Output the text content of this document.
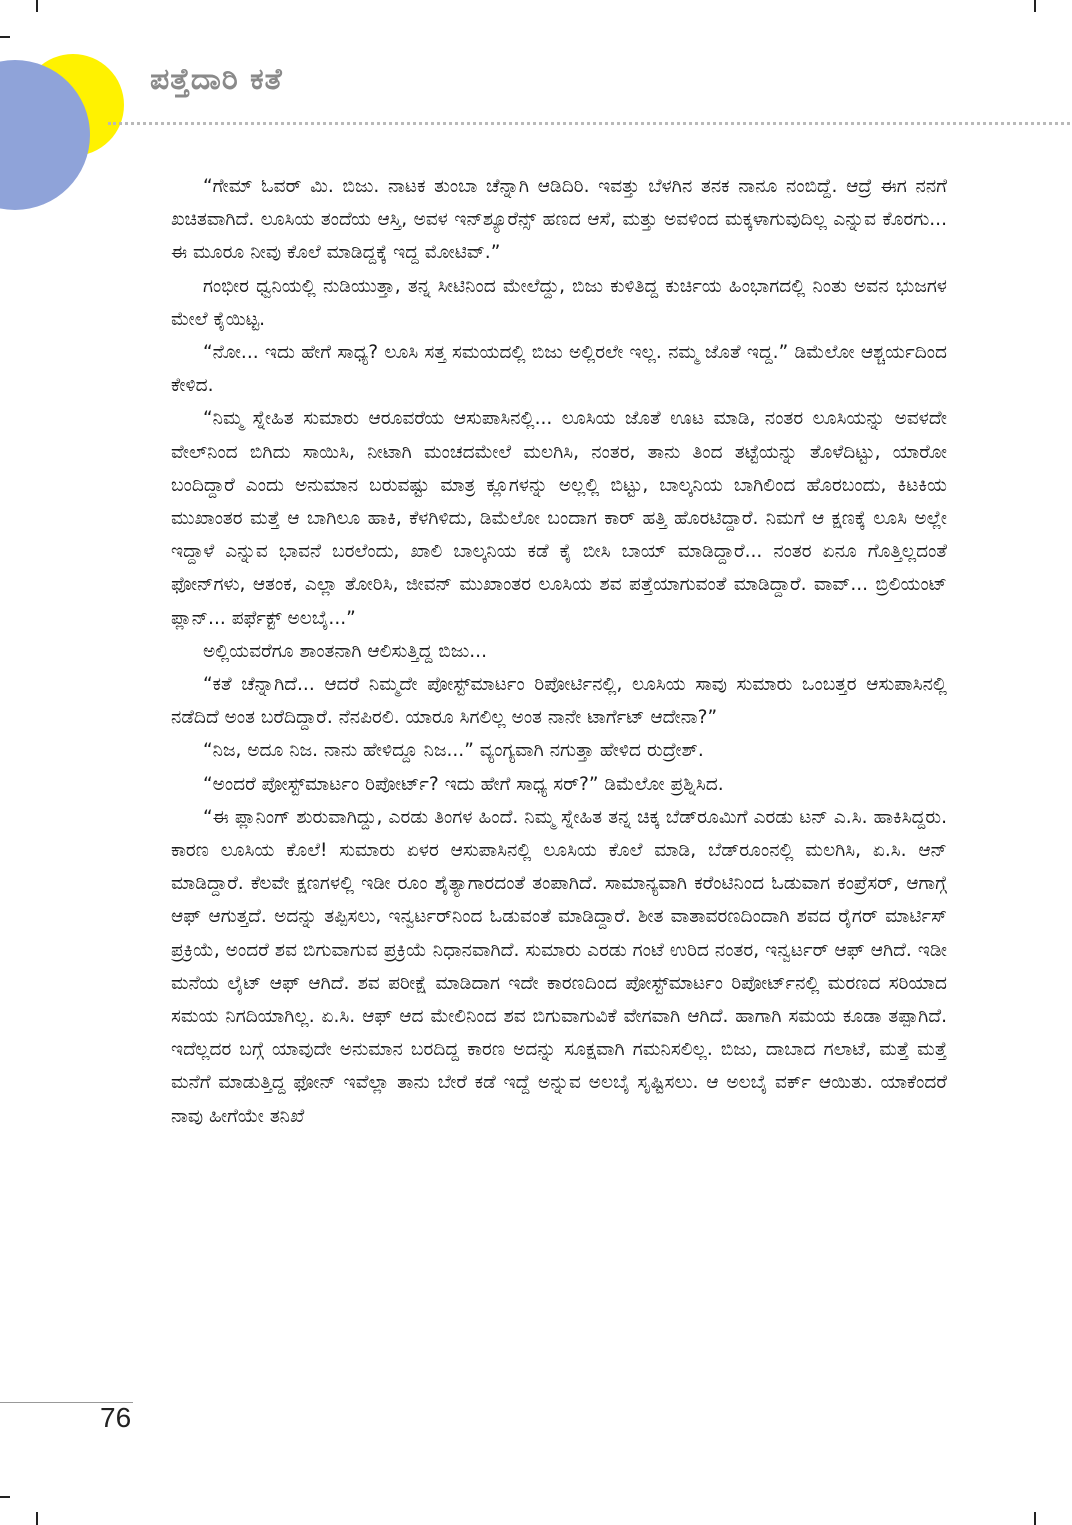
ಪತ್ತೆದಾರಿ ಕತೆ

“ಗೇಮ್ ಓವರ್ ಮಿ. ಬಿಜು. ನಾಟಕ ತುಂಬಾ ಚೆನ್ನಾಗಿ ಆಡಿದಿರಿ. ಇವತ್ತು ಬೆಳಗಿನ ತನಕ ನಾನೂ ನಂಬಿದ್ದೆ. ಆದ್ರೆ ಈಗ ನನಗೆ ಖಚಿತವಾಗಿದೆ. ಲೂಸಿಯ ತಂದೆಯ ಆಸ್ತಿ, ಅವಳ ಇನ್‌ಶ್ಯೂರೆನ್ಸ್ ಹಣದ ಆಸೆ, ಮತ್ತು ಅವಳಿಂದ ಮಕ್ಕಳಾಗುವುದಿಲ್ಲ ಎನ್ನುವ ಕೊರಗು... ಈ ಮೂರೂ ನೀವು ಕೊಲೆ ಮಾಡಿದ್ದಕ್ಕೆ ಇದ್ದ ಮೋಟಿವ್.”

ಗಂಭೀರ ಧ್ವನಿಯಲ್ಲಿ ನುಡಿಯುತ್ತಾ, ತನ್ನ ಸೀಟಿನಿಂದ ಮೇಲೆದ್ದು, ಬಿಜು ಕುಳಿತಿದ್ದ ಕುರ್ಚಿಯ ಹಿಂಭಾಗದಲ್ಲಿ ನಿಂತು ಅವನ ಭುಜಗಳ ಮೇಲೆ ಕೈಯಿಟ್ಟ.

“ನೋ... ಇದು ಹೇಗೆ ಸಾಧ್ಯ? ಲೂಸಿ ಸತ್ತ ಸಮಯದಲ್ಲಿ ಬಿಜು ಅಲ್ಲಿರಲೇ ಇಲ್ಲ. ನಮ್ಮ ಜೊತೆ ಇದ್ದ.” ಡಿಮೆಲೋ ಆಶ್ಚರ್ಯದಿಂದ ಕೇಳಿದ.

“ನಿಮ್ಮ ಸ್ನೇಹಿತ ಸುಮಾರು ಆರೂವರೆಯ ಆಸುಪಾಸಿನಲ್ಲಿ... ಲೂಸಿಯ ಜೊತೆ ಊಟ ಮಾಡಿ, ನಂತರ ಲೂಸಿಯನ್ನು ಅವಳದೇ ವೇಲ್‌ನಿಂದ ಬಿಗಿದು ಸಾಯಿಸಿ, ನೀಟಾಗಿ ಮಂಚದಮೇಲೆ ಮಲಗಿಸಿ, ನಂತರ, ತಾನು ತಿಂದ ತಟ್ಟೆಯನ್ನು ತೊಳೆದಿಟ್ಟು, ಯಾರೋ ಬಂದಿದ್ದಾರೆ ಎಂದು ಅನುಮಾನ ಬರುವಷ್ಟು ಮಾತ್ರ ಕ್ಲೂಗಳನ್ನು ಅಲ್ಲಲ್ಲಿ ಬಿಟ್ಟು, ಬಾಲ್ಕನಿಯ ಬಾಗಿಲಿಂದ ಹೊರಬಂದು, ಕಿಟಕಿಯ ಮುಖಾಂತರ ಮತ್ತೆ ಆ ಬಾಗಿಲೂ ಹಾಕಿ, ಕೆಳಗಿಳಿದು, ಡಿಮೆಲೋ ಬಂದಾಗ ಕಾರ್ ಹತ್ತಿ ಹೊರಟಿದ್ದಾರೆ. ನಿಮಗೆ ಆ ಕ್ಷಣಕ್ಕೆ ಲೂಸಿ ಅಲ್ಲೇ ಇದ್ದಾಳೆ ಎನ್ನುವ ಭಾವನೆ ಬರಲೆಂದು, ಖಾಲಿ ಬಾಲ್ಕನಿಯ ಕಡೆ ಕೈ ಬೀಸಿ ಬಾಯ್ ಮಾಡಿದ್ದಾರೆ... ನಂತರ ಏನೂ ಗೊತ್ತಿಲ್ಲದಂತೆ ಫೋನ್‌ಗಳು, ಆತಂಕ, ಎಲ್ಲಾ ತೋರಿಸಿ, ಜೀವನ್ ಮುಖಾಂತರ ಲೂಸಿಯ ಶವ ಪತ್ತೆಯಾಗುವಂತೆ ಮಾಡಿದ್ದಾರೆ. ವಾವ್... ಬ್ರಿಲಿಯಂಟ್ ಪ್ಲಾನ್... ಪರ್ಫೆಕ್ಟ್ ಅಲಬೈ...”

ಅಲ್ಲಿಯವರೆಗೂ ಶಾಂತನಾಗಿ ಆಲಿಸುತ್ತಿದ್ದ ಬಿಜು...

“ಕತೆ ಚೆನ್ನಾಗಿದೆ... ಆದರೆ ನಿಮ್ಮದೇ ಪೋಸ್ಟ್‌ಮಾರ್ಟಂ ರಿಪೋರ್ಟಿನಲ್ಲಿ, ಲೂಸಿಯ ಸಾವು ಸುಮಾರು ಒಂಬತ್ತರ ಆಸುಪಾಸಿನಲ್ಲಿ ನಡೆದಿದೆ ಅಂತ ಬರೆದಿದ್ದಾರೆ. ನೆನಪಿರಲಿ. ಯಾರೂ ಸಿಗಲಿಲ್ಲ ಅಂತ ನಾನೇ ಟಾರ್ಗೆಟ್ ಆದೇನಾ?”

“ನಿಜ, ಅದೂ ನಿಜ. ನಾನು ಹೇಳಿದ್ದೂ ನಿಜ...” ವ್ಯಂಗ್ಯವಾಗಿ ನಗುತ್ತಾ ಹೇಳಿದ ರುದ್ರೇಶ್.

“ಅಂದರೆ ಪೋಸ್ಟ್‌ಮಾರ್ಟಂ ರಿಪೋರ್ಟ್? ಇದು ಹೇಗೆ ಸಾಧ್ಯ ಸರ್?” ಡಿಮೆಲೋ ಪ್ರಶ್ನಿಸಿದ.

“ಈ ಪ್ಲಾನಿಂಗ್ ಶುರುವಾಗಿದ್ದು, ಎರಡು ತಿಂಗಳ ಹಿಂದೆ. ನಿಮ್ಮ ಸ್ನೇಹಿತ ತನ್ನ ಚಿಕ್ಕ ಬೆಡ್‌ರೂಮಿಗೆ ಎರಡು ಟನ್ ಎ.ಸಿ. ಹಾಕಿಸಿದ್ದರು. ಕಾರಣ ಲೂಸಿಯ ಕೊಲೆ! ಸುಮಾರು ಏಳರ ಆಸುಪಾಸಿನಲ್ಲಿ ಲೂಸಿಯ ಕೊಲೆ ಮಾಡಿ, ಬೆಡ್‌ರೂಂನಲ್ಲಿ ಮಲಗಿಸಿ, ಏ.ಸಿ. ಆನ್ ಮಾಡಿದ್ದಾರೆ. ಕೆಲವೇ ಕ್ಷಣಗಳಲ್ಲಿ ಇಡೀ ರೂಂ ಶೈತ್ಯಾಗಾರದಂತೆ ತಂಪಾಗಿದೆ. ಸಾಮಾನ್ಯವಾಗಿ ಕರೆಂಟಿನಿಂದ ಓಡುವಾಗ ಕಂಪ್ರೆಸರ್, ಆಗಾಗ್ಗೆ ಆಫ್ ಆಗುತ್ತದೆ. ಅದನ್ನು ತಪ್ಪಿಸಲು, ಇನ್ವರ್ಟರ್‌ನಿಂದ ಓಡುವಂತೆ ಮಾಡಿದ್ದಾರೆ. ಶೀತ ವಾತಾವರಣದಿಂದಾಗಿ ಶವದ ರೈಗರ್ ಮಾರ್ಟಿಸ್ ಪ್ರಕ್ರಿಯೆ, ಅಂದರೆ ಶವ ಬಿಗುವಾಗುವ ಪ್ರಕ್ರಿಯೆ ನಿಧಾನವಾಗಿದೆ. ಸುಮಾರು ಎರಡು ಗಂಟೆ ಉರಿದ ನಂತರ, ಇನ್ವರ್ಟರ್ ಆಫ್ ಆಗಿದೆ. ಇಡೀ ಮನೆಯ ಲೈಟ್ ಆಫ್ ಆಗಿದೆ. ಶವ ಪರೀಕ್ಷೆ ಮಾಡಿದಾಗ ಇದೇ ಕಾರಣದಿಂದ ಪೋಸ್ಟ್‌ಮಾರ್ಟಂ ರಿಪೋರ್ಟ್‌ನಲ್ಲಿ ಮರಣದ ಸರಿಯಾದ ಸಮಯ ನಿಗದಿಯಾಗಿಲ್ಲ. ಏ.ಸಿ. ಆಫ್ ಆದ ಮೇಲಿನಿಂದ ಶವ ಬಿಗುವಾಗುವಿಕೆ ವೇಗವಾಗಿ ಆಗಿದೆ. ಹಾಗಾಗಿ ಸಮಯ ಕೂಡಾ ತಪ್ಪಾಗಿದೆ. ಇದೆಲ್ಲದರ ಬಗ್ಗೆ ಯಾವುದೇ ಅನುಮಾನ ಬರದಿದ್ದ ಕಾರಣ ಅದನ್ನು ಸೂಕ್ಷವಾಗಿ ಗಮನಿಸಲಿಲ್ಲ. ಬಿಜು, ದಾಬಾದ ಗಲಾಟೆ, ಮತ್ತೆ ಮತ್ತೆ ಮನೆಗೆ ಮಾಡುತ್ತಿದ್ದ ಫೋನ್ ಇವೆಲ್ಲಾ ತಾನು ಬೇರೆ ಕಡೆ ಇದ್ದೆ ಅನ್ನುವ ಅಲಬೈ ಸೃಷ್ಟಿಸಲು. ಆ ಅಲಬೈ ವರ್ಕ್ ಆಯಿತು. ಯಾಕೆಂದರೆ ನಾವು ಹೀಗೆಯೇ ತನಿಖೆ

76
